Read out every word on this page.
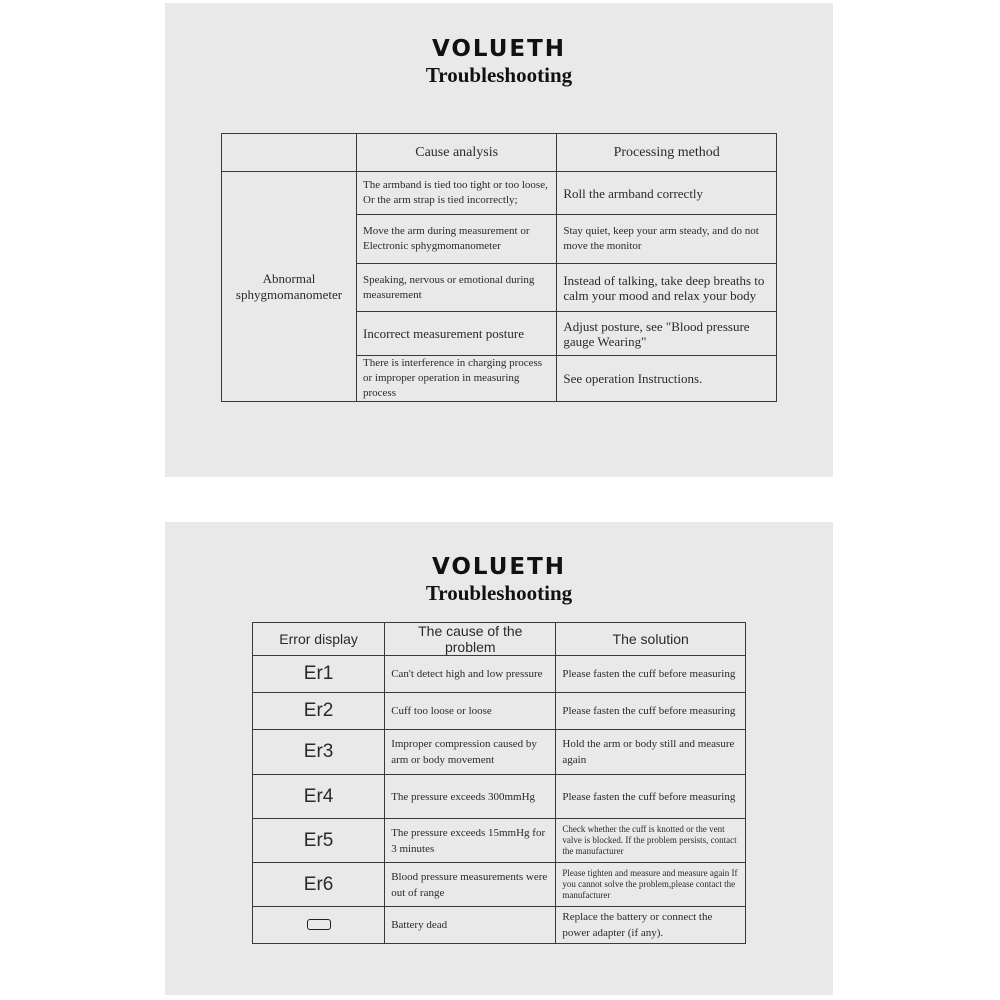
VOLUETH
Troubleshooting
	Cause analysis	Processing method
Abnormal sphygmomanometer	The armband is tied too tight or too loose, Or the arm strap is tied incorrectly;	Roll the armband correctly
	Move the arm during measurement or Electronic sphygmomanometer	Stay quiet, keep your arm steady, and do not move the monitor
	Speaking, nervous or emotional during measurement	Instead of talking, take deep breaths to calm your mood and relax your body
	Incorrect measurement posture	Adjust posture, see "Blood pressure gauge Wearing"
	There is interference in charging process or improper operation in measuring process	See operation Instructions.
VOLUETH
Troubleshooting
Error display	The cause of the problem	The solution
Er1	Can't detect high and low pressure	Please fasten the cuff before measuring
Er2	Cuff too loose or loose	Please fasten the cuff before measuring
Er3	Improper compression caused by arm or body movement	Hold the arm or body still and measure again
Er4	The pressure exceeds 300mmHg	Please fasten the cuff before measuring
Er5	The pressure exceeds 15mmHg for 3 minutes	Check whether the cuff is knotted or the vent valve is blocked. If the problem persists, contact the manufacturer
Er6	Blood pressure measurements were out of range	Please tighten and measure and measure again If you cannot solve the problem,please contact the manufacturer
	Battery dead	Replace the battery or connect the power adapter (if any).
